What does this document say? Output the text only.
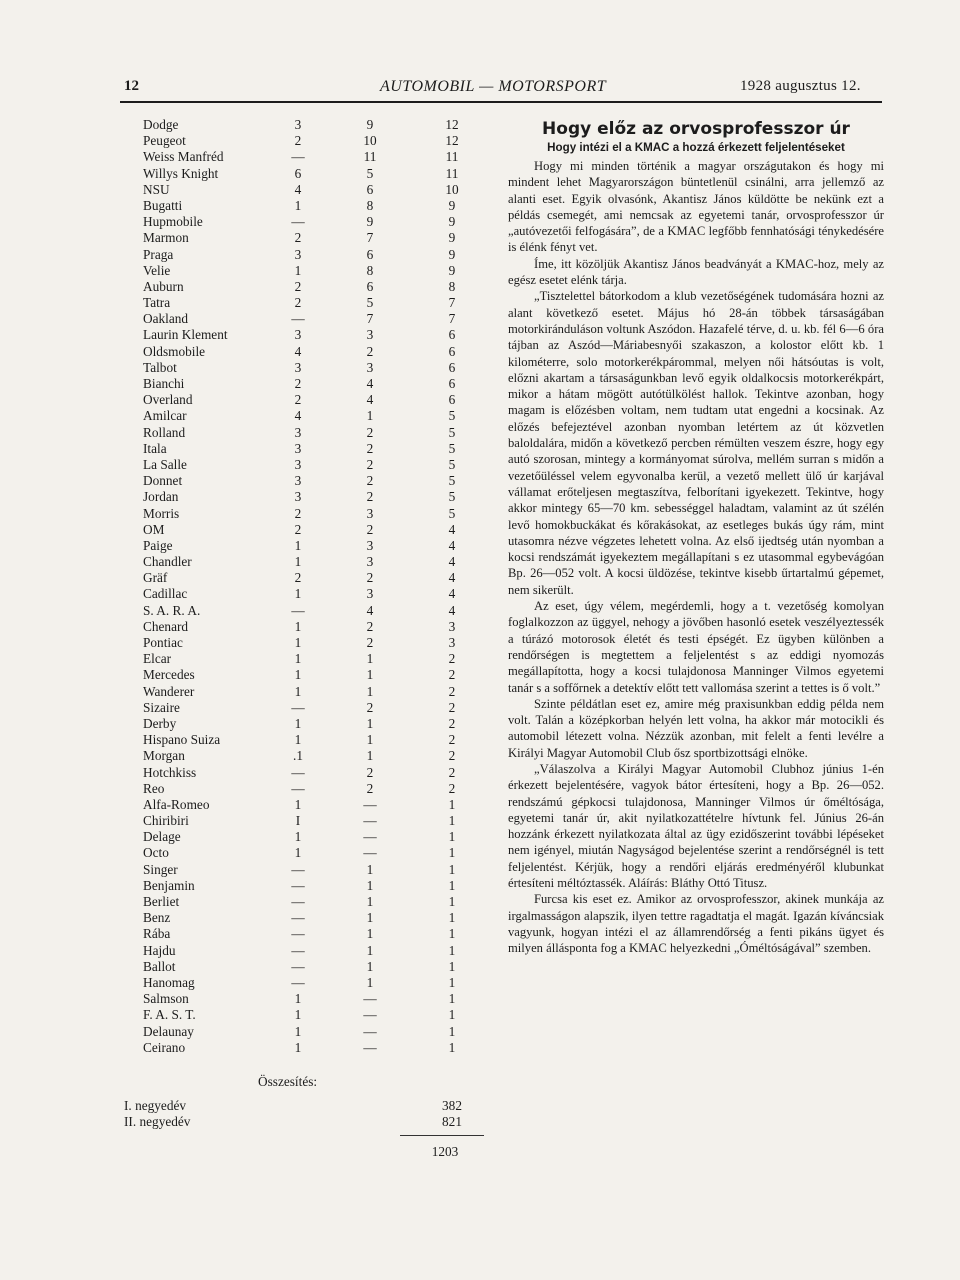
12	AUTOMOBIL — MOTORSPORT	1928 augusztus 12.
Dodge	3	9	12
Peugeot	2	10	12
Weiss Manfréd	—	11	11
Willys Knight	6	5	11
NSU	4	6	10
Bugatti	1	8	9
Hupmobile	—	9	9
Marmon	2	7	9
Praga	3	6	9
Velie	1	8	9
Auburn	2	6	8
Tatra	2	5	7
Oakland	—	7	7
Laurin Klement	3	3	6
Oldsmobile	4	2	6
Talbot	3	3	6
Bianchi	2	4	6
Overland	2	4	6
Amilcar	4	1	5
Rolland	3	2	5
Itala	3	2	5
La Salle	3	2	5
Donnet	3	2	5
Jordan	3	2	5
Morris	2	3	5
OM	2	2	4
Paige	1	3	4
Chandler	1	3	4
Gräf	2	2	4
Cadillac	1	3	4
S. A. R. A.	—	4	4
Chenard	1	2	3
Pontiac	1	2	3
Elcar	1	1	2
Mercedes	1	1	2
Wanderer	1	1	2
Sizaire	—	2	2
Derby	1	1	2
Hispano Suiza	1	1	2
Morgan	.1	1	2
Hotchkiss	—	2	2
Reo	—	2	2
Alfa-Romeo	1	—	1
Chiribiri	I	—	1
Delage	1	—	1
Octo	1	—	1
Singer	—	1	1
Benjamin	—	1	1
Berliet	—	1	1
Benz	—	1	1
Rába	—	1	1
Hajdu	—	1	1
Ballot	—	1	1
Hanomag	—	1	1
Salmson	1	—	1
F. A. S. T.	1	—	1
Delaunay	1	—	1
Ceirano	1	—	1
Összesítés:
I. negyedév	382
II. negyedév	821
1203
Hogy előz az orvosprofesszor úr
Hogy intézi el a KMAC a hozzá érkezett feljelentéseket

Hogy mi minden történik a magyar országutakon és hogy mi mindent lehet Magyarországon büntetlenül csinálni, arra jellemző az alanti eset. Egyik olvasónk, Akantisz János küldötte be nekünk ezt a példás csemegét, ami nemcsak az egyetemi tanár, orvosprofesszor úr „autóvezetői felfogására”, de a KMAC legfőbb fennhatósági ténykedésére is élénk fényt vet.

Íme, itt közöljük Akantisz János beadványát a KMAC-hoz, mely az egész esetet elénk tárja.

„Tisztelettel bátorkodom a klub vezetőségének tudomására hozni az alant következő esetet. Május hó 28-án többek társaságában motorkiránduláson voltunk Aszódon. Hazafelé térve, d. u. kb. fél 6—6 óra tájban az Aszód—Máriabesnyői szakaszon, a kolostor előtt kb. 1 kilométerre, solo motorkerékpárommal, melyen női hátsóutas is volt, előzni akartam a társaságunkban levő egyik oldalkocsis motorkerékpárt, mikor a hátam mögött autótülkölést hallok. Tekintve azonban, hogy magam is előzésben voltam, nem tudtam utat engedni a kocsinak. Az előzés befejeztével azonban nyomban letértem az út közvetlen baloldalára, midőn a következő percben rémülten veszem észre, hogy egy autó szorosan, mintegy a kormányomat súrolva, mellém surran s midőn a vezetőüléssel velem egyvonalba kerül, a vezető mellett ülő úr karjával vállamat erőteljesen megtaszítva, felborítani igyekezett. Tekintve, hogy akkor mintegy 65—70 km. sebességgel haladtam, valamint az út szélén levő homokbuckákat és kőrakásokat, az esetleges bukás úgy rám, mint utasomra nézve végzetes lehetett volna. Az első ijedtség után nyomban a kocsi rendszámát igyekeztem megállapítani s ez utasommal egybevágóan Bp. 26—052 volt. A kocsi üldözése, tekintve kisebb űrtartalmú gépemet, nem sikerült.

Az eset, úgy vélem, megérdemli, hogy a t. vezetőség komolyan foglalkozzon az üggyel, nehogy a jövőben hasonló esetek veszélyeztessék a túrázó motorosok életét és testi épségét. Ez ügyben különben a rendőrségen is megtettem a feljelentést s az eddigi nyomozás megállapította, hogy a kocsi tulajdonosa Manninger Vilmos egyetemi tanár s a soffőrnek a detektív előtt tett vallomása szerint a tettes is ő volt.”

Szinte példátlan eset ez, amire még praxisunkban eddig példa nem volt. Talán a középkorban helyén lett volna, ha akkor már motocikli és automobil létezett volna. Nézzük azonban, mit felelt a fenti levélre a Királyi Magyar Automobil Club ősz sportbizottsági elnöke.

„Válaszolva a Királyi Magyar Automobil Clubhoz június 1-én érkezett bejelentésére, vagyok bátor értesíteni, hogy a Bp. 26—052. rendszámú gépkocsi tulajdonosa, Manninger Vilmos úr őméltósága, egyetemi tanár úr, akit nyilatkozattételre hívtunk fel. Június 26-án hozzánk érkezett nyilatkozata által az ügy ezidőszerint további lépéseket nem igényel, miután Nagyságod bejelentése szerint a rendőrségnél is tett feljelentést. Kérjük, hogy a rendőri eljárás eredményéről klubunkat értesíteni méltóztassék. Aláírás: Bláthy Ottó Titusz.

Furcsa kis eset ez. Amikor az orvosprofesszor, akinek munkája az irgalmasságon alapszik, ilyen tettre ragadtatja el magát. Igazán kíváncsiak vagyunk, hogyan intézi el az államrendőrség a fenti pikáns ügyet és milyen állásponta fog a KMAC helyezkedni „Óméltóságával” szemben.
